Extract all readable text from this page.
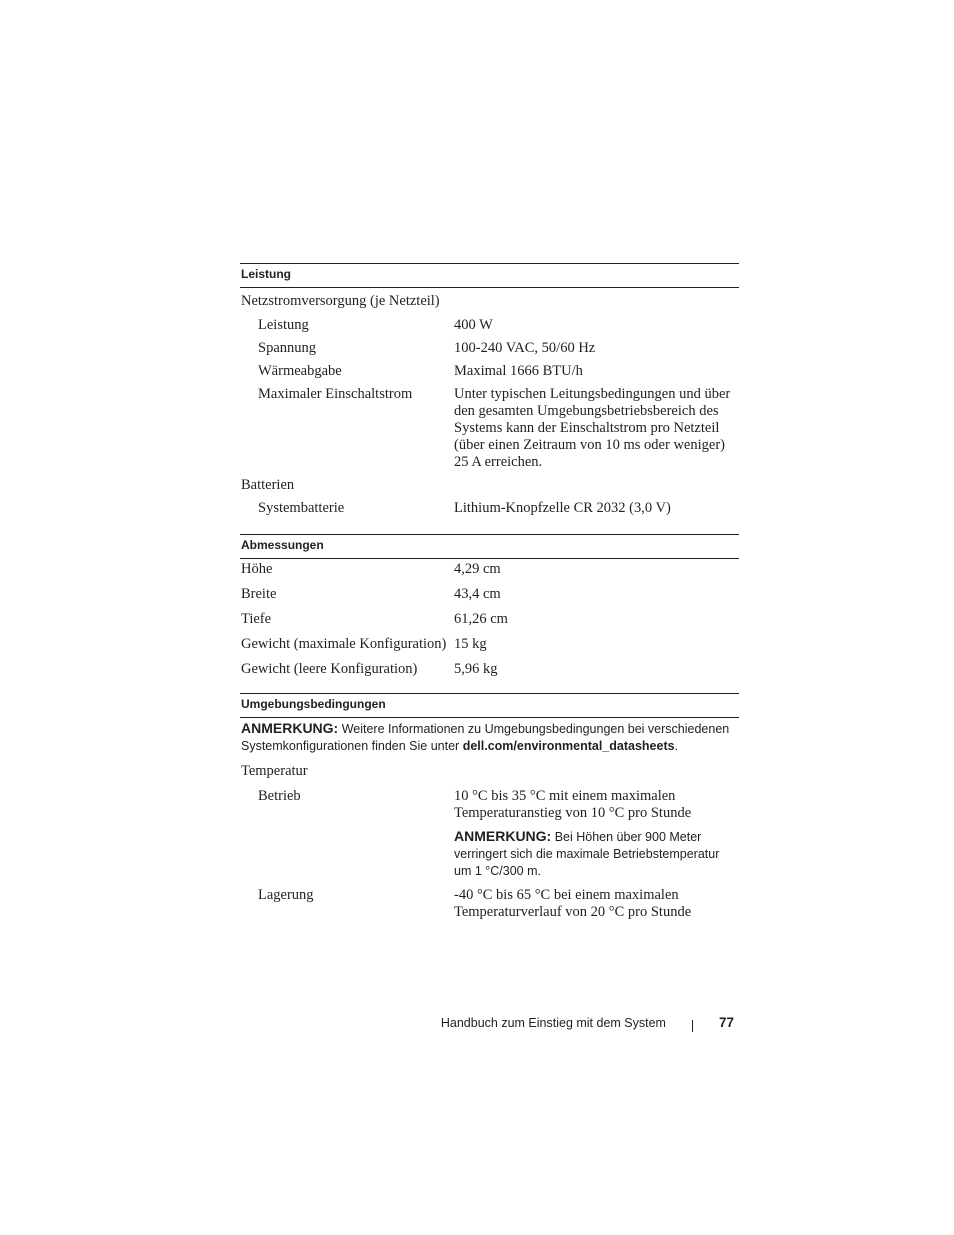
Leistung
Netzstromversorgung (je Netzteil)
Leistung	400 W
Spannung	100-240 VAC, 50/60 Hz
Wärmeabgabe	Maximal 1666 BTU/h
Maximaler Einschaltstrom	Unter typischen Leitungsbedingungen und über den gesamten Umgebungsbetriebsbereich des Systems kann der Einschaltstrom pro Netzteil (über einen Zeitraum von 10 ms oder weniger) 25 A erreichen.
Batterien
Systembatterie	Lithium-Knopfzelle CR 2032 (3,0 V)
Abmessungen
Höhe	4,29 cm
Breite	43,4 cm
Tiefe	61,26 cm
Gewicht (maximale Konfiguration) 15 kg
Gewicht (leere Konfiguration)	5,96 kg
Umgebungsbedingungen
ANMERKUNG: Weitere Informationen zu Umgebungsbedingungen bei verschiedenen Systemkonfigurationen finden Sie unter dell.com/environmental_datasheets.
Temperatur
Betrieb	10 °C bis 35 °C mit einem maximalen Temperaturanstieg von 10 °C pro Stunde
ANMERKUNG: Bei Höhen über 900 Meter verringert sich die maximale Betriebstemperatur um 1 °C/300 m.
Lagerung	-40 °C bis 65 °C bei einem maximalen Temperaturverlauf von 20 °C pro Stunde
Handbuch zum Einstieg mit dem System	77
